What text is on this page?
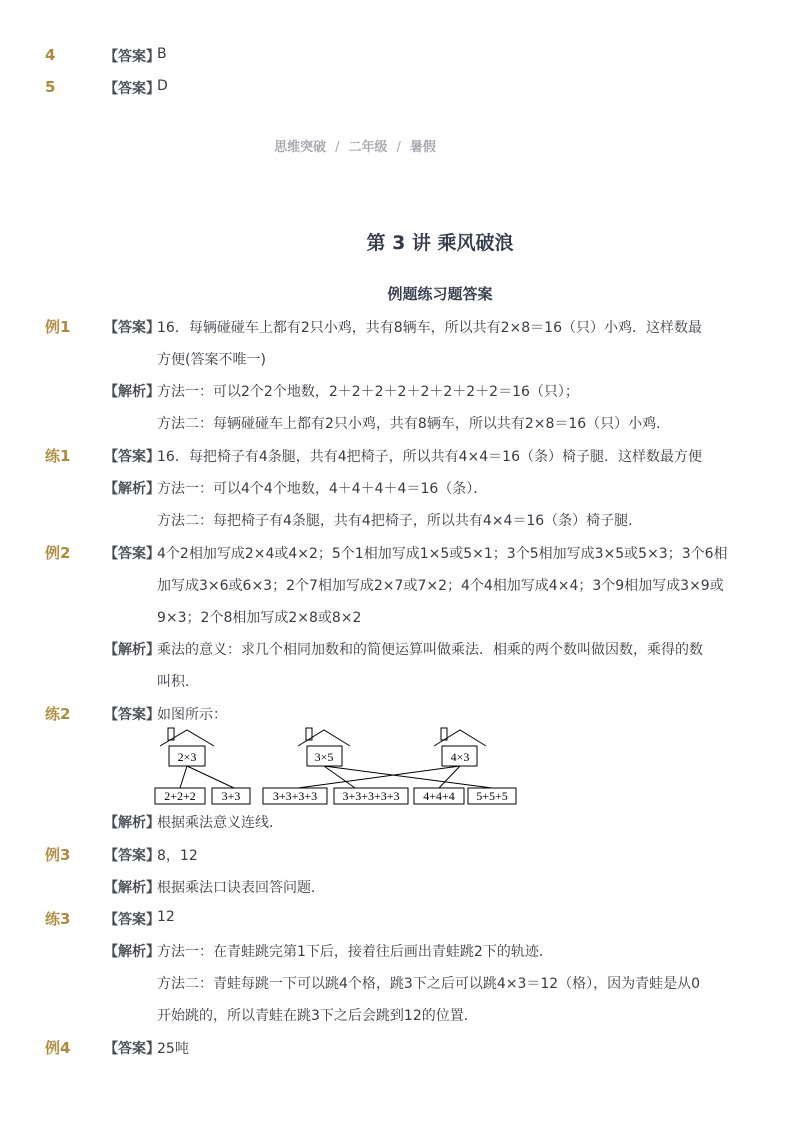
4	【答案】
B
5	【答案】
D
思维突破 / 二年级 / 暑假
第 3 讲 乘风破浪
例题练习题答案
例1 【答案】
16．每辆碰碰车上都有2只小鸡，共有8辆车，所以共有2×8＝16（只）小鸡．这样数最
方便(答案不唯一)
【解析】
方法一：可以2个2个地数，2＋2＋2＋2＋2＋2＋2＋2＝16（只）；
方法二：每辆碰碰车上都有2只小鸡，共有8辆车，所以共有2×8＝16（只）小鸡．
练1 【答案】
16．每把椅子有4条腿，共有4把椅子，所以共有4×4＝16（条）椅子腿．这样数最方便
【解析】
方法一：可以4个4个地数，4＋4＋4＋4＝16（条）．
方法二：每把椅子有4条腿，共有4把椅子，所以共有4×4＝16（条）椅子腿．
例2 【答案】
4个2相加写成2×4或4×2；5个1相加写成1×5或5×1；3个5相加写成3×5或5×3；3个6相
加写成3×6或6×3；2个7相加写成2×7或7×2；4个4相加写成4×4；3个9相加写成3×9或
9×3；2个8相加写成2×8或8×2
【解析】
乘法的意义：求几个相同加数和的简便运算叫做乘法．相乘的两个数叫做因数，乘得的数
叫积．
练2 【答案】
如图所示：
2×3	3×5	4×3
2+2+2 3+3	3+3+3+3 3+3+3+3+3 4+4+4 5+5+5
【解析】
根据乘法意义连线．
例3 【答案】
8，12
【解析】
根据乘法口诀表回答问题．
练3 【答案】
12
【解析】
方法一：在青蛙跳完第1下后，接着往后画出青蛙跳2下的轨迹．
方法二：青蛙每跳一下可以跳4个格，跳3下之后可以跳4×3＝12（格），因为青蛙是从0
开始跳的，所以青蛙在跳3下之后会跳到12的位置．
例4 【答案】
25吨
